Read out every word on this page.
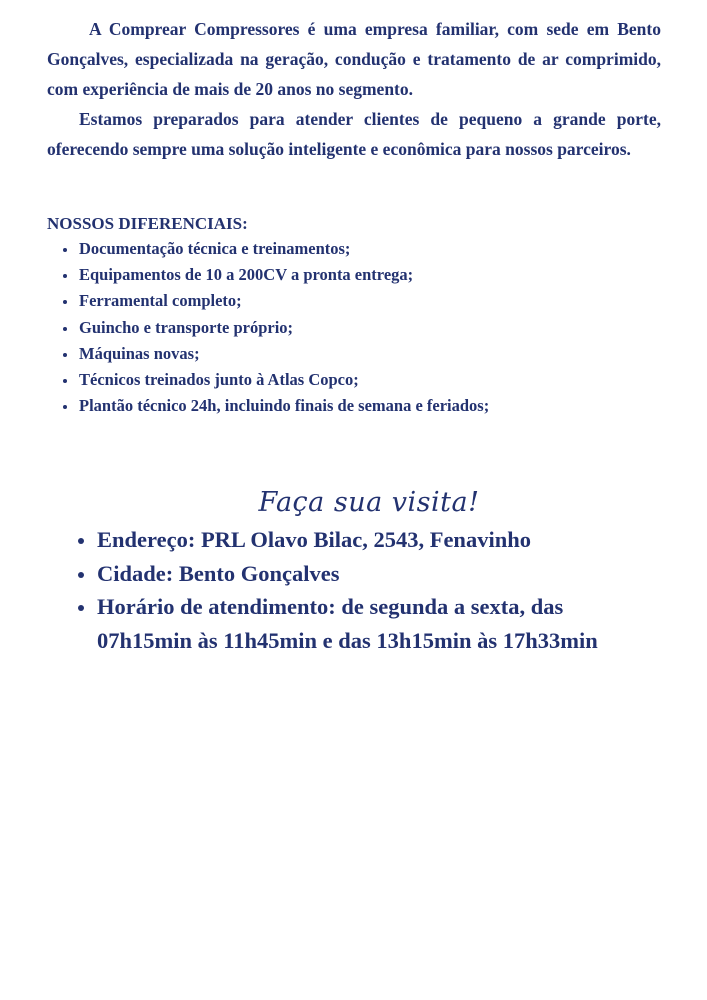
A Comprear Compressores é uma empresa familiar, com sede em Bento Gonçalves, especializada na geração, condução e tratamento de ar comprimido, com experiência de mais de 20 anos no segmento.

Estamos preparados para atender clientes de pequeno a grande porte, oferecendo sempre uma solução inteligente e econômica para nossos parceiros.

NOSSOS DIFERENCIAIS:
Documentação técnica e treinamentos;
Equipamentos de 10 a 200CV a pronta entrega;
Ferramental completo;
Guincho e transporte próprio;
Máquinas novas;
Técnicos treinados junto à Atlas Copco;
Plantão técnico 24h, incluindo finais de semana e feriados;
Faça sua visita!
Endereço: PRL Olavo Bilac, 2543, Fenavinho
Cidade: Bento Gonçalves
Horário de atendimento: de segunda a sexta, das 07h15min às 11h45min e das 13h15min às 17h33min
